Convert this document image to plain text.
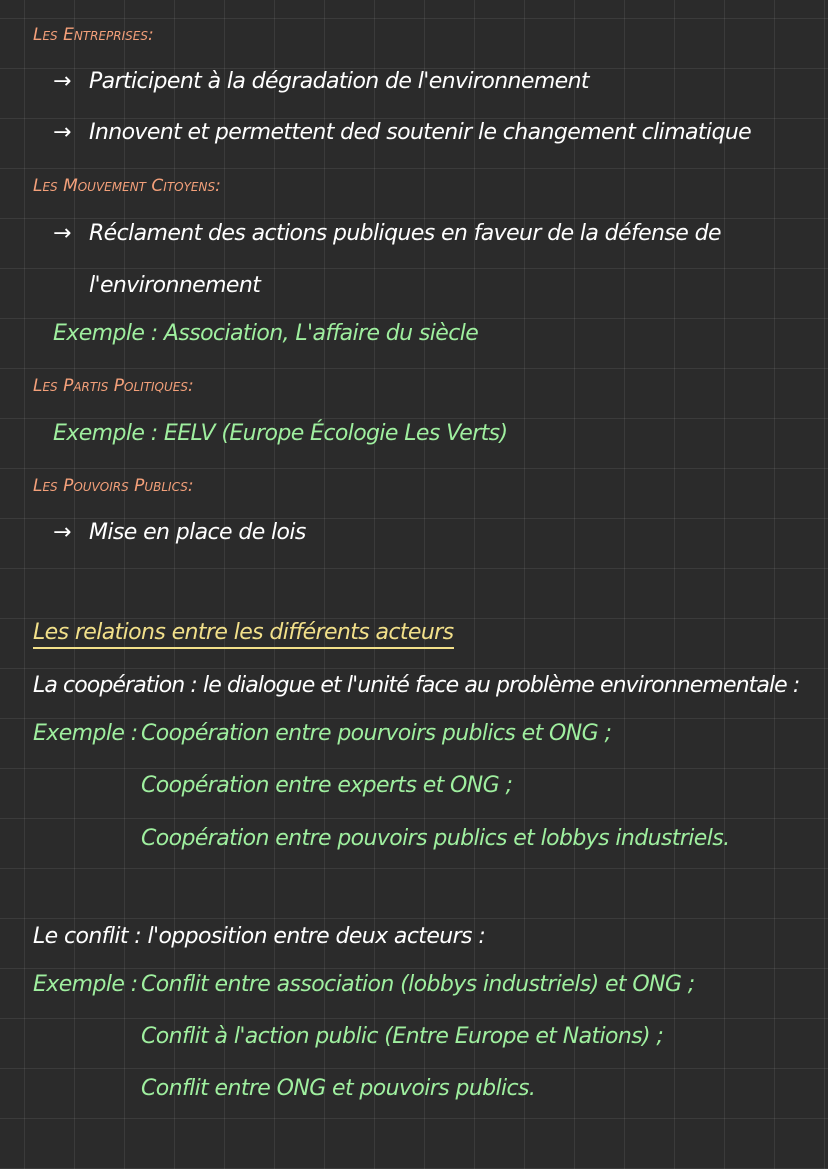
Les Entreprises:
→ Participent à la dégradation de l'environnement
→ Innovent et permettent ded soutenir le changement climatique
Les Mouvement Citoyens:
→ Réclament des actions publiques en faveur de la défense de
l'environnement
Exemple : Association, L'affaire du siècle
Les Partis Politiques:
Exemple : EELV (Europe Écologie Les Verts)
Les Pouvoirs Publics:
→ Mise en place de lois
Les relations entre les différents acteurs
La coopération : le dialogue et l'unité face au problème environnementale :
Exemple : Coopération entre pourvoirs publics et ONG ;
Coopération entre experts et ONG ;
Coopération entre pouvoirs publics et lobbys industriels.
Le conflit : l'opposition entre deux acteurs :
Exemple : Conflit entre association (lobbys industriels) et ONG ;
Conflit à l'action public (Entre Europe et Nations) ;
Conflit entre ONG et pouvoirs publics.
